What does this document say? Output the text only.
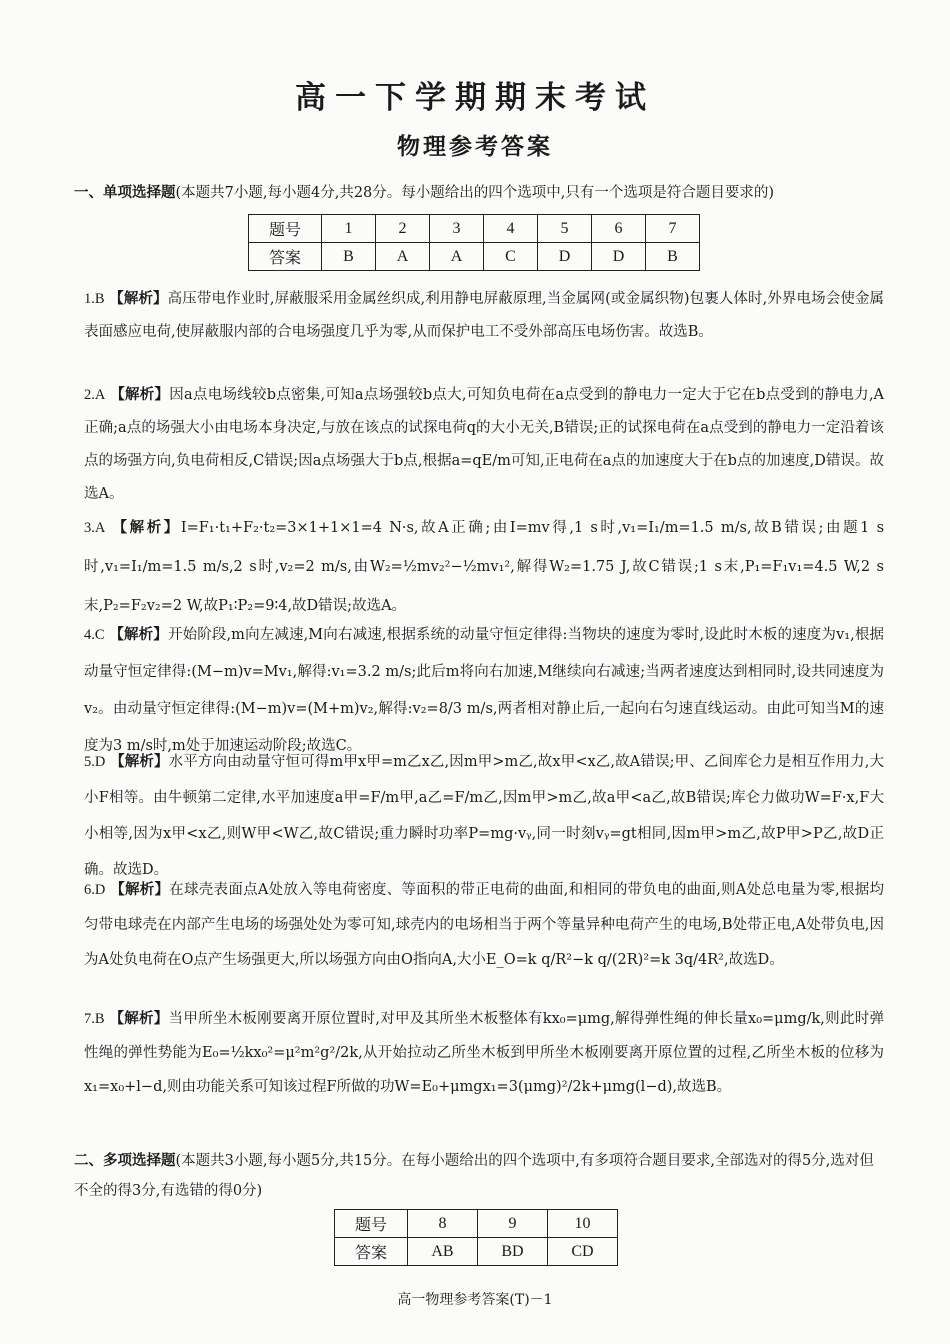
高一下学期期末考试
物理参考答案
一、单项选择题(本题共7小题,每小题4分,共28分。每小题给出的四个选项中,只有一个选项是符合题目要求的)
题号	1	2	3	4	5	6	7
答案	B	A	A	C	D	D	B
1.B 【解析】高压带电作业时,屏蔽服采用金属丝织成,利用静电屏蔽原理,当金属网(或金属织物)包裹人体时,外界电场会使金属表面感应电荷,使屏蔽服内部的合电场强度几乎为零,从而保护电工不受外部高压电场伤害。故选B。
2.A 【解析】因a点电场线较b点密集,可知a点场强较b点大,可知负电荷在a点受到的静电力一定大于它在b点受到的静电力,A正确;a点的场强大小由电场本身决定,与放在该点的试探电荷q的大小无关,B错误;正的试探电荷在a点受到的静电力一定沿着该点的场强方向,负电荷相反,C错误;因a点场强大于b点,根据a=qE/m可知,正电荷在a点的加速度大于在b点的加速度,D错误。故选A。
3.A 【解析】I=F₁·t₁+F₂·t₂=3×1+1×1=4 N·s,故A正确;由I=mv得,1 s时,v₁=I₁/m=1.5 m/s,故B错误;由题1 s时,v₁=I₁/m=1.5 m/s,2 s时,v₂=2 m/s,由W₂=½mv₂²−½mv₁²,解得W₂=1.75 J,故C错误;1 s末,P₁=F₁v₁=4.5 W,2 s末,P₂=F₂v₂=2 W,故P₁∶P₂=9∶4,故D错误;故选A。
4.C 【解析】开始阶段,m向左减速,M向右减速,根据系统的动量守恒定律得:当物块的速度为零时,设此时木板的速度为v₁,根据动量守恒定律得:(M−m)v=Mv₁,解得:v₁=3.2 m/s;此后m将向右加速,M继续向右减速;当两者速度达到相同时,设共同速度为v₂。由动量守恒定律得:(M−m)v=(M+m)v₂,解得:v₂=8/3 m/s,两者相对静止后,一起向右匀速直线运动。由此可知当M的速度为3 m/s时,m处于加速运动阶段;故选C。
5.D 【解析】水平方向由动量守恒可得m甲x甲=m乙x乙,因m甲>m乙,故x甲<x乙,故A错误;甲、乙间库仑力是相互作用力,大小F相等。由牛顿第二定律,水平加速度a甲=F/m甲,a乙=F/m乙,因m甲>m乙,故a甲<a乙,故B错误;库仑力做功W=F·x,F大小相等,因为x甲<x乙,则W甲<W乙,故C错误;重力瞬时功率P=mg·vᵧ,同一时刻vᵧ=gt相同,因m甲>m乙,故P甲>P乙,故D正确。故选D。
6.D 【解析】在球壳表面点A处放入等电荷密度、等面积的带正电荷的曲面,和相同的带负电的曲面,则A处总电量为零,根据均匀带电球壳在内部产生电场的场强处处为零可知,球壳内的电场相当于两个等量异种电荷产生的电场,B处带正电,A处带负电,因为A处负电荷在O点产生场强更大,所以场强方向由O指向A,大小E_O=k q/R²−k q/(2R)²=k 3q/4R²,故选D。
7.B 【解析】当甲所坐木板刚要离开原位置时,对甲及其所坐木板整体有kx₀=μmg,解得弹性绳的伸长量x₀=μmg/k,则此时弹性绳的弹性势能为E₀=½kx₀²=μ²m²g²/2k,从开始拉动乙所坐木板到甲所坐木板刚要离开原位置的过程,乙所坐木板的位移为x₁=x₀+l−d,则由功能关系可知该过程F所做的功W=E₀+μmgx₁=3(μmg)²/2k+μmg(l−d),故选B。
二、多项选择题(本题共3小题,每小题5分,共15分。在每小题给出的四个选项中,有多项符合题目要求,全部选对的得5分,选对但不全的得3分,有选错的得0分)
题号	8	9	10
答案	AB	BD	CD
高一物理参考答案(T)－1
